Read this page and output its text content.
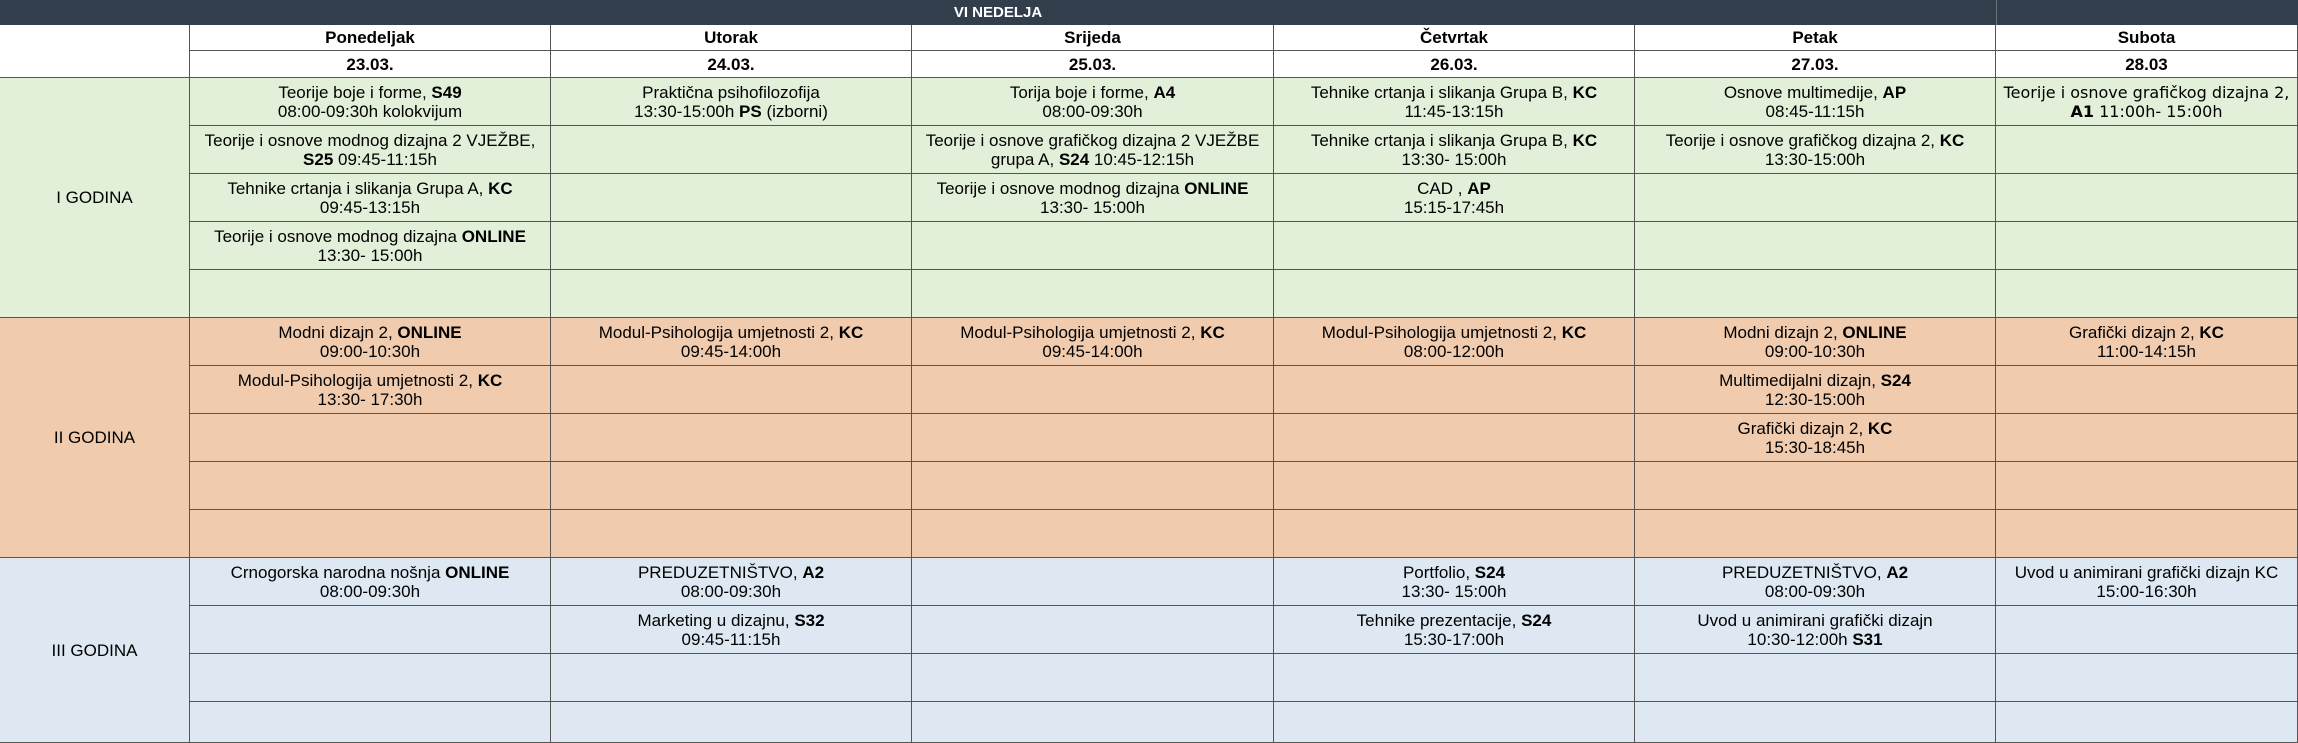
VI NEDELJA
Ponedeljak
23.03.
Utorak
24.03.
Srijeda
25.03.
Četvrtak
26.03.
Petak
27.03.
Subota
28.03
I GODINA
Teorije boje i forme, S49
08:00-09:30h kolokvijum
Praktična psihofilozofija
13:30-15:00h PS (izborni)
Torija boje i forme, A4
08:00-09:30h
Tehnike crtanja i slikanja Grupa B, KC
11:45-13:15h
Osnove multimedije, AP
08:45-11:15h
Teorije i osnove grafičkog dizajna 2,
A1 11:00h- 15:00h
Teorije i osnove modnog dizajna 2 VJEŽBE,
S25 09:45-11:15h
Teorije i osnove grafičkog dizajna 2 VJEŽBE
grupa A, S24 10:45-12:15h
Tehnike crtanja i slikanja Grupa B, KC
13:30- 15:00h
Teorije i osnove grafičkog dizajna 2, KC
13:30-15:00h
Tehnike crtanja i slikanja Grupa A, KC
09:45-13:15h
Teorije i osnove modnog dizajna ONLINE
13:30- 15:00h
CAD , AP
15:15-17:45h
Teorije i osnove modnog dizajna ONLINE
13:30- 15:00h
II GODINA
Modni dizajn 2, ONLINE
09:00-10:30h
Modul-Psihologija umjetnosti 2, KC
09:45-14:00h
Modul-Psihologija umjetnosti 2, KC
09:45-14:00h
Modul-Psihologija umjetnosti 2, KC
08:00-12:00h
Modni dizajn 2, ONLINE
09:00-10:30h
Grafički dizajn 2, KC
11:00-14:15h
Modul-Psihologija umjetnosti 2, KC
13:30- 17:30h
Multimedijalni dizajn, S24
12:30-15:00h
Grafički dizajn 2, KC
15:30-18:45h
III GODINA
Crnogorska narodna nošnja ONLINE
08:00-09:30h
PREDUZETNIŠTVO, A2
08:00-09:30h
Portfolio, S24
13:30- 15:00h
PREDUZETNIŠTVO, A2
08:00-09:30h
Uvod u animirani grafički dizajn KC
15:00-16:30h
Marketing u dizajnu, S32
09:45-11:15h
Tehnike prezentacije, S24
15:30-17:00h
Uvod u animirani grafički dizajn
10:30-12:00h S31
